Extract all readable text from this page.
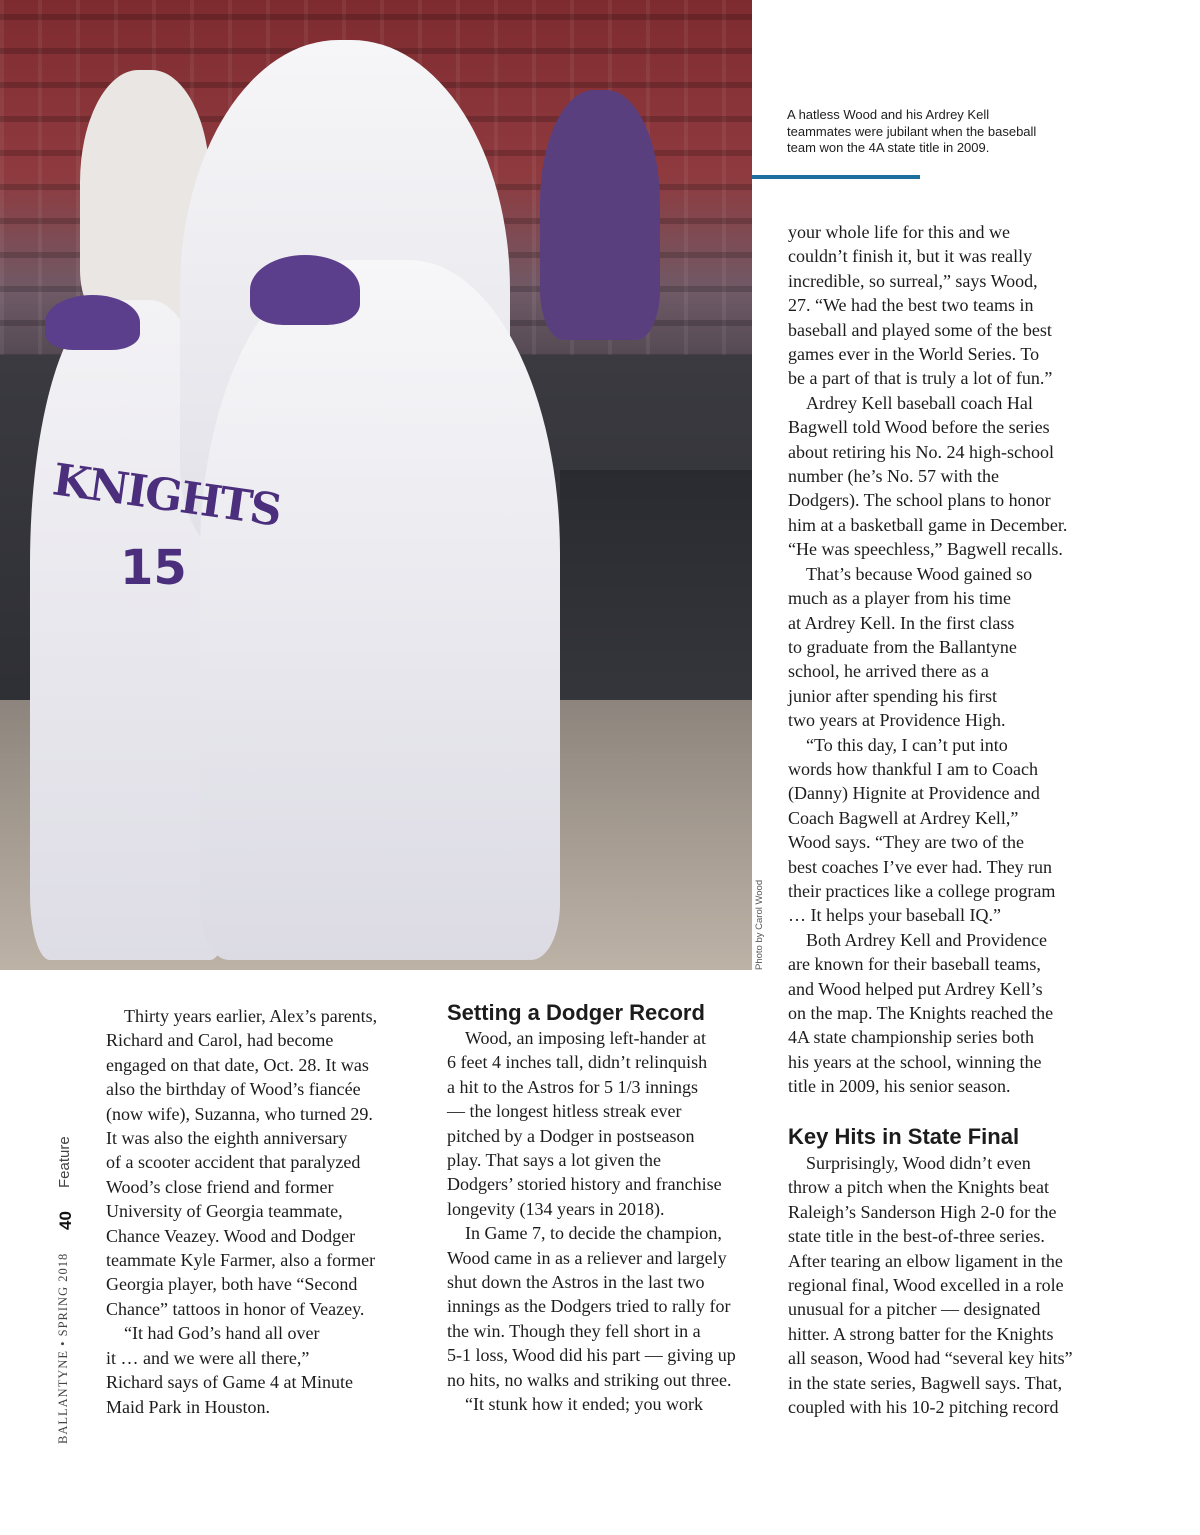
KNIGHTS
15
Photo by Carol Wood
A hatless Wood and his Ardrey Kell
teammates were jubilant when the baseball
team won the 4A state title in 2009.
Feature
40
BALLANTYNE • SPRING 2018
Setting a Dodger Record
Key Hits in State Final

Thirty years earlier, Alex’s parents,

Richard and Carol, had become

engaged on that date, Oct. 28. It was

also the birthday of Wood’s fiancée

(now wife), Suzanna, who turned 29.

It was also the eighth anniversary

of a scooter accident that paralyzed

Wood’s close friend and former

University of Georgia teammate,

Chance Veazey. Wood and Dodger

teammate Kyle Farmer, also a former

Georgia player, both have “Second

Chance” tattoos in honor of Veazey.

“It had God’s hand all over

it … and we were all there,”

Richard says of Game 4 at Minute

Maid Park in Houston.

Wood, an imposing left-hander at

6 feet 4 inches tall, didn’t relinquish

a hit to the Astros for 5 1/3 innings

— the longest hitless streak ever

pitched by a Dodger in postseason

play. That says a lot given the

Dodgers’ storied history and franchise

longevity (134 years in 2018).

In Game 7, to decide the champion,

Wood came in as a reliever and largely

shut down the Astros in the last two

innings as the Dodgers tried to rally for

the win. Though they fell short in a

5-1 loss, Wood did his part — giving up

no hits, no walks and striking out three.

“It stunk how it ended; you work

your whole life for this and we

couldn’t finish it, but it was really

incredible, so surreal,” says Wood,

27. “We had the best two teams in

baseball and played some of the best

games ever in the World Series. To

be a part of that is truly a lot of fun.”

Ardrey Kell baseball coach Hal

Bagwell told Wood before the series

about retiring his No. 24 high-school

number (he’s No. 57 with the

Dodgers). The school plans to honor

him at a basketball game in December.

“He was speechless,” Bagwell recalls.

That’s because Wood gained so

much as a player from his time

at Ardrey Kell. In the first class

to graduate from the Ballantyne

school, he arrived there as a

junior after spending his first

two years at Providence High.

“To this day, I can’t put into

words how thankful I am to Coach

(Danny) Hignite at Providence and

Coach Bagwell at Ardrey Kell,”

Wood says. “They are two of the

best coaches I’ve ever had. They run

their practices like a college program

… It helps your baseball IQ.”

Both Ardrey Kell and Providence

are known for their baseball teams,

and Wood helped put Ardrey Kell’s

on the map. The Knights reached the

4A state championship series both

his years at the school, winning the

title in 2009, his senior season.

Surprisingly, Wood didn’t even

throw a pitch when the Knights beat

Raleigh’s Sanderson High 2-0 for the

state title in the best-of-three series.

After tearing an elbow ligament in the

regional final, Wood excelled in a role

unusual for a pitcher — designated

hitter. A strong batter for the Knights

all season, Wood had “several key hits”

in the state series, Bagwell says. That,

coupled with his 10-2 pitching record
